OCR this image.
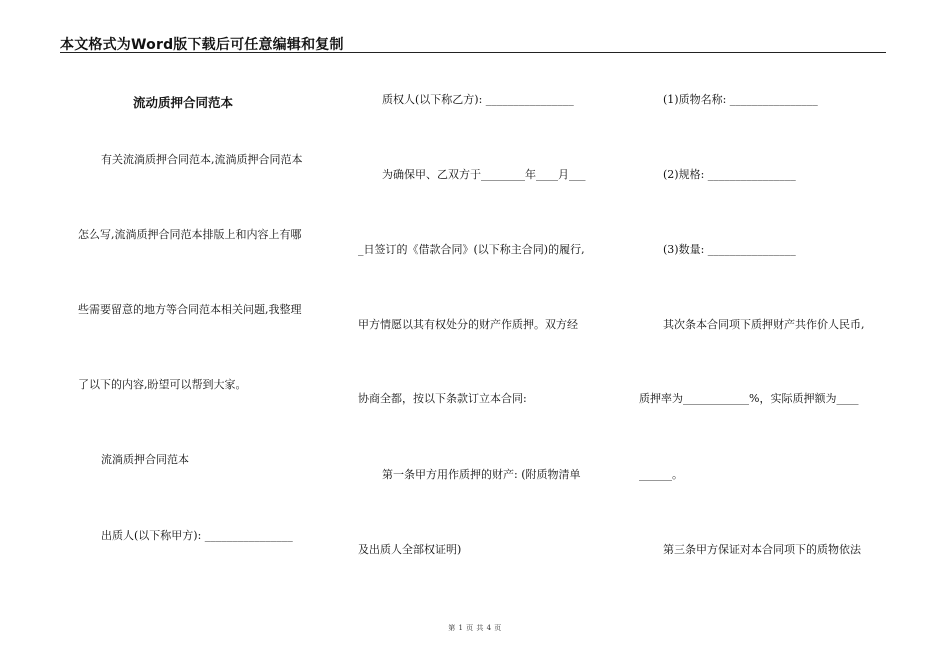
本文格式为Word版下载后可任意编辑和复制
流动质押合同范本
有关流淌质押合同范本,流淌质押合同范本
怎么写,流淌质押合同范本排版上和内容上有哪
些需要留意的地方等合同范本相关问题,我整理
了以下的内容,盼望可以帮到大家。
流淌质押合同范本
出质人(以下称甲方): ________________
质权人(以下称乙方): ________________
为确保甲、乙双方于________年____月___
_日签订的《借款合同》(以下称主合同)的履行,
甲方情愿以其有权处分的财产作质押。双方经
协商全都，按以下条款订立本合同:
第一条甲方用作质押的财产: (附质物清单
及出质人全部权证明)
(1)质物名称: ________________
(2)规格: ________________
(3)数量: ________________
其次条本合同项下质押财产共作价人民币,
质押率为____________%，实际质押额为____
______。
第三条甲方保证对本合同项下的质物依法
第 1 页 共 4 页
